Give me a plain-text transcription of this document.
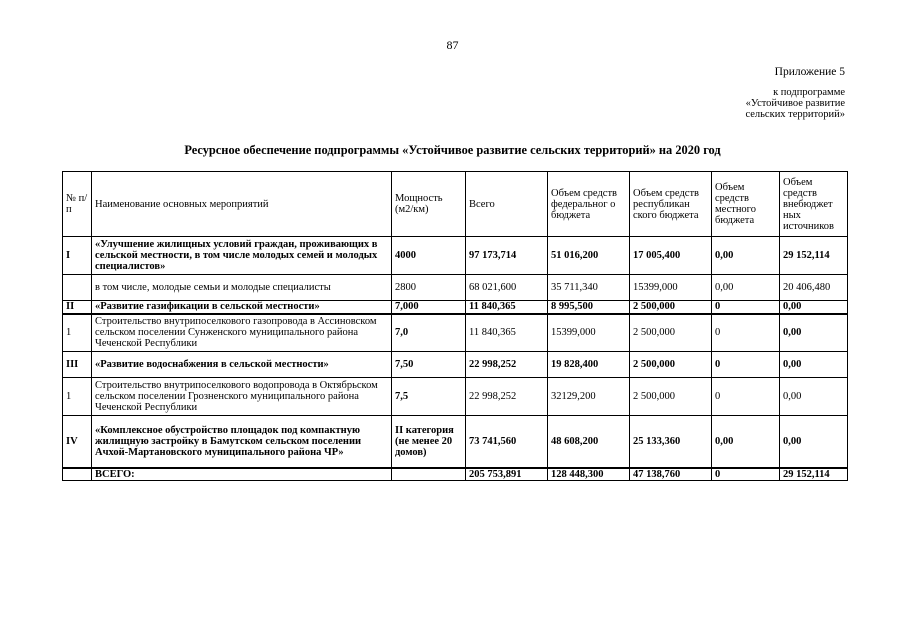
87
Приложение 5
к подпрограмме
«Устойчивое развитие
сельских территорий»
Ресурсное обеспечение подпрограммы «Устойчивое развитие сельских территорий» на 2020 год
№ п/п	Наименование основных мероприятий	Мощность (м2/км)	Всего	Объем средств федеральног о бюджета	Объем средств республикан ского бюджета	Объем средств местного бюджета	Объем средств внебюджет ных источников
I	«Улучшение жилищных условий граждан, проживающих в сельской местности, в том числе молодых семей и молодых специалистов»	4000	97 173,714	51 016,200	17 005,400	0,00	29 152,114
	в том числе, молодые семьи и молодые специалисты	2800	68 021,600	35 711,340	15399,000	0,00	20 406,480
II	«Развитие газификации в сельской местности»	7,000	11 840,365	8 995,500	2 500,000	0	0,00
1	Строительство внутрипоселкового газопровода в Ассиновском сельском поселении Сунженского муниципального района Чеченской Республики	7,0	11 840,365	15399,000	2 500,000	0	0,00
III	«Развитие водоснабжения в сельской местности»	7,50	22 998,252	19 828,400	2 500,000	0	0,00
1	Строительство внутрипоселкового водопровода в Октябрьском сельском поселении Грозненского муниципального района Чеченской Республики	7,5	22 998,252	32129,200	2 500,000	0	0,00
IV	«Комплексное обустройство площадок под компактную жилищную застройку в Бамутском сельском поселении Ачхой-Мартановского муниципального района ЧР»	II категория (не менее 20 домов)	73 741,560	48 608,200	25 133,360	0,00	0,00
	ВСЕГО:		205 753,891	128 448,300	47 138,760	0	29 152,114
